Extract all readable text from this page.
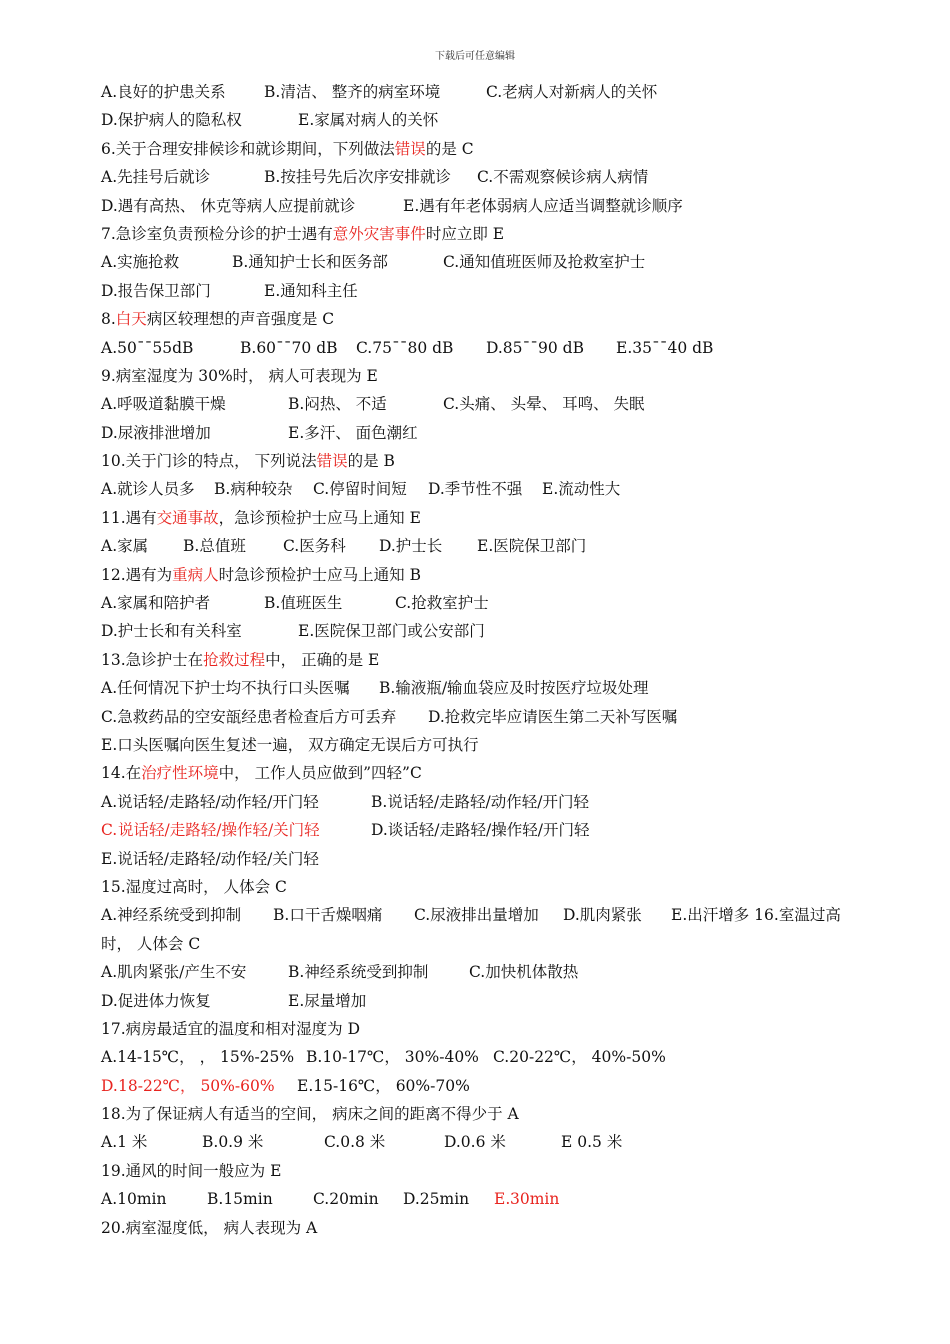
下载后可任意编辑
A.良好的护患关系 B.清洁、 整齐的病室环境	C.老病人对新病人的关怀
D.保护病人的隐私权	E.家属对病人的关怀
6.关于合理安排候诊和就诊期间，下列做法错误的是 C
A.先挂号后就诊	B.按挂号先后次序安排就诊 C.不需观察候诊病人病情
D.遇有高热、 休克等病人应提前就诊	E.遇有年老体弱病人应适当调整就诊顺序
7.急诊室负责预检分诊的护士遇有意外灾害事件时应立即 E
A.实施抢救	B.通知护士长和医务部	C.通知值班医师及抢救室护士
D.报告保卫部门	E.通知科主任
8.白天病区较理想的声音强度是 C
A.50¯¯55dB	B.60¯¯70 dB C.75¯¯80 dB D.85¯¯90 dB E.35¯¯40 dB
9.病室湿度为 30%时， 病人可表现为 E
A.呼吸道黏膜干燥	B.闷热、 不适	C.头痛、 头晕、 耳鸣、 失眠
D.尿液排泄增加	E.多汗、 面色潮红
10.关于门诊的特点， 下列说法错误的是 B
A.就诊人员多 B.病种较杂 C.停留时间短 D.季节性不强 E.流动性大
11.遇有交通事故，急诊预检护士应马上通知 E
A.家属 B.总值班 C.医务科 D.护士长 E.医院保卫部门
12.遇有为重病人时急诊预检护士应马上通知 B
A.家属和陪护者	B.值班医生	C.抢救室护士
D.护士长和有关科室	E.医院保卫部门或公安部门
13.急诊护士在抢救过程中， 正确的是 E
A.任何情况下护士均不执行口头医嘱 B.输液瓶/输血袋应及时按医疗垃圾处理
C.急救药品的空安瓿经患者检查后方可丢弃 D.抢救完毕应请医生第二天补写医嘱
E.口头医嘱向医生复述一遍， 双方确定无误后方可执行
14.在治疗性环境中， 工作人员应做到”四轻”C
A.说话轻/走路轻/动作轻/开门轻	B.说话轻/走路轻/动作轻/开门轻
C. 说话轻/走路轻/操作轻/关门轻	D.谈话轻/走路轻/操作轻/开门轻
E.说话轻/走路轻/动作轻/关门轻
15.湿度过高时， 人体会 C
A.神经系统受到抑制 B.口干舌燥咽痛 C.尿液排出量增加 D.肌肉紧张 E.出汗增多 16.室温过高
时， 人体会 C
A.肌肉紧张/产生不安	B.神经系统受到抑制	C.加快机体散热
D.促进体力恢复	E.尿量增加
17.病房最适宜的温度和相对湿度为 D
A.14-15℃， ， 15%-25% B.10-17℃， 30%-40% C.20-22℃， 40%-50%
D. 18-22℃， 50%-60% E.15-16℃， 60%-70%
18.为了保证病人有适当的空间， 病床之间的距离不得少于 A
A.1 米	B.0.9 米	C.0.8 米	D.0.6 米	E 0.5 米
19.通风的时间一般应为 E
A.10min	B.15min	C.20min D.25min E. 30min
20.病室湿度低， 病人表现为 A
